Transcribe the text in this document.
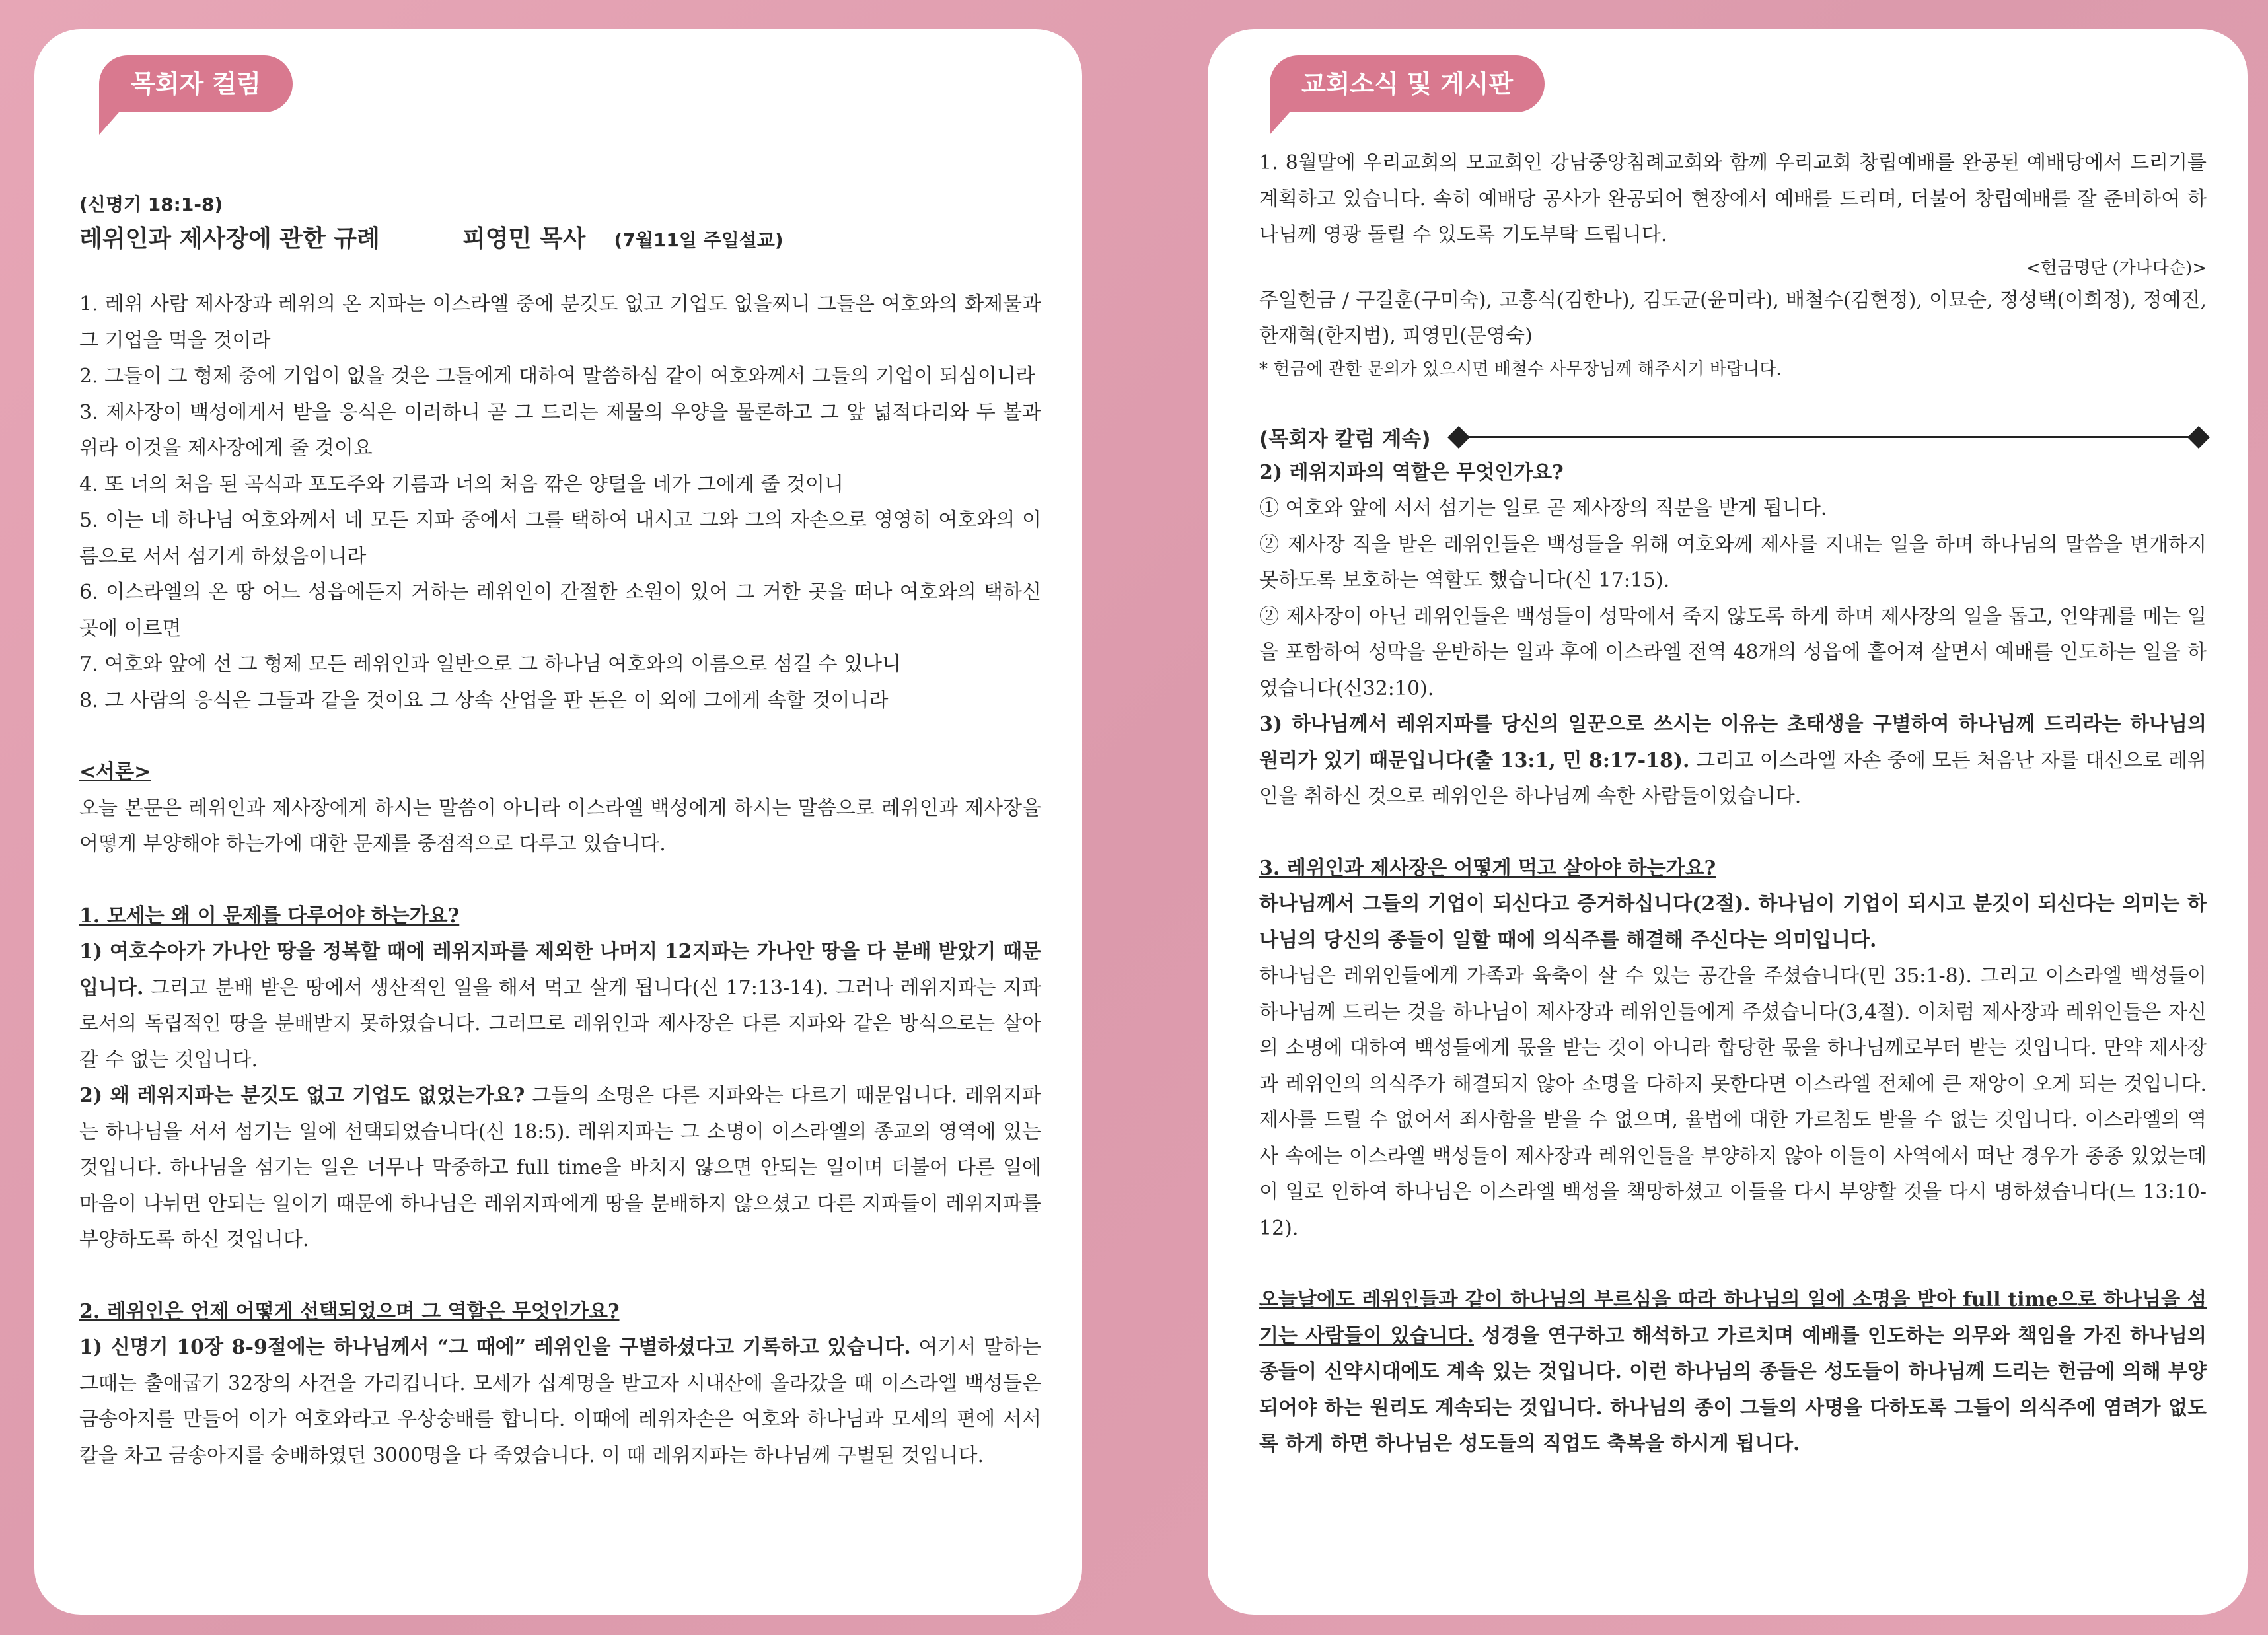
(신명기 18:1-8)

레위인과 제사장에 관한 규례	피영민 목사 (7월11일 주일설교)

1. 레위 사람 제사장과 레위의 온 지파는 이스라엘 중에 분깃도 없고 기업도 없을찌니 그들은 여호와의 화제물과 그 기업을 먹을 것이라

2. 그들이 그 형제 중에 기업이 없을 것은 그들에게 대하여 말씀하심 같이 여호와께서 그들의 기업이 되심이니라

3. 제사장이 백성에게서 받을 응식은 이러하니 곧 그 드리는 제물의 우양을 물론하고 그 앞 넓적다리와 두 볼과 위라 이것을 제사장에게 줄 것이요

4. 또 너의 처음 된 곡식과 포도주와 기름과 너의 처음 깎은 양털을 네가 그에게 줄 것이니

5. 이는 네 하나님 여호와께서 네 모든 지파 중에서 그를 택하여 내시고 그와 그의 자손으로 영영히 여호와의 이름으로 서서 섬기게 하셨음이니라

6. 이스라엘의 온 땅 어느 성읍에든지 거하는 레위인이 간절한 소원이 있어 그 거한 곳을 떠나 여호와의 택하신 곳에 이르면

7. 여호와 앞에 선 그 형제 모든 레위인과 일반으로 그 하나님 여호와의 이름으로 섬길 수 있나니

8. 그 사람의 응식은 그들과 같을 것이요 그 상속 산업을 판 돈은 이 외에 그에게 속할 것이니라

<서론>

오늘 본문은 레위인과 제사장에게 하시는 말씀이 아니라 이스라엘 백성에게 하시는 말씀으로 레위인과 제사장을 어떻게 부양해야 하는가에 대한 문제를 중점적으로 다루고 있습니다.

1. 모세는 왜 이 문제를 다루어야 하는가요?

1) 여호수아가 가나안 땅을 정복할 때에 레위지파를 제외한 나머지 12지파는 가나안 땅을 다 분배 받았기 때문입니다. 그리고 분배 받은 땅에서 생산적인 일을 해서 먹고 살게 됩니다(신 17:13-14). 그러나 레위지파는 지파로서의 독립적인 땅을 분배받지 못하였습니다. 그러므로 레위인과 제사장은 다른 지파와 같은 방식으로는 살아갈 수 없는 것입니다.

2) 왜 레위지파는 분깃도 없고 기업도 없었는가요? 그들의 소명은 다른 지파와는 다르기 때문입니다. 레위지파는 하나님을 서서 섬기는 일에 선택되었습니다(신 18:5). 레위지파는 그 소명이 이스라엘의 종교의 영역에 있는 것입니다. 하나님을 섬기는 일은 너무나 막중하고 full time을 바치지 않으면 안되는 일이며 더불어 다른 일에 마음이 나뉘면 안되는 일이기 때문에 하나님은 레위지파에게 땅을 분배하지 않으셨고 다른 지파들이 레위지파를 부양하도록 하신 것입니다.

2. 레위인은 언제 어떻게 선택되었으며 그 역할은 무엇인가요?

1) 신명기 10장 8-9절에는 하나님께서 “그 때에” 레위인을 구별하셨다고 기록하고 있습니다. 여기서 말하는 그때는 출애굽기 32장의 사건을 가리킵니다. 모세가 십계명을 받고자 시내산에 올라갔을 때 이스라엘 백성들은 금송아지를 만들어 이가 여호와라고 우상숭배를 합니다. 이때에 레위자손은 여호와 하나님과 모세의 편에 서서 칼을 차고 금송아지를 숭배하였던 3000명을 다 죽였습니다. 이 때 레위지파는 하나님께 구별된 것입니다.

목회자 컬럼

1. 8월말에 우리교회의 모교회인 강남중앙침례교회와 함께 우리교회 창립예배를 완공된 예배당에서 드리기를 계획하고 있습니다. 속히 예배당 공사가 완공되어 현장에서 예배를 드리며, 더불어 창립예배를 잘 준비하여 하나님께 영광 돌릴 수 있도록 기도부탁 드립니다.

<헌금명단 (가나다순)>

주일헌금 / 구길훈(구미숙), 고흥식(김한나), 김도균(윤미라), 배철수(김현정), 이묘순, 정성택(이희정), 정예진, 한재혁(한지범), 피영민(문영숙)

* 헌금에 관한 문의가 있으시면 배철수 사무장님께 해주시기 바랍니다.

(목회자 칼럼 계속)

2) 레위지파의 역할은 무엇인가요?

① 여호와 앞에 서서 섬기는 일로 곧 제사장의 직분을 받게 됩니다.

② 제사장 직을 받은 레위인들은 백성들을 위해 여호와께 제사를 지내는 일을 하며 하나님의 말씀을 변개하지 못하도록 보호하는 역할도 했습니다(신 17:15).

② 제사장이 아닌 레위인들은 백성들이 성막에서 죽지 않도록 하게 하며 제사장의 일을 돕고, 언약궤를 메는 일을 포함하여 성막을 운반하는 일과 후에 이스라엘 전역 48개의 성읍에 흩어져 살면서 예배를 인도하는 일을 하였습니다(신32:10).

3) 하나님께서 레위지파를 당신의 일꾼으로 쓰시는 이유는 초태생을 구별하여 하나님께 드리라는 하나님의 원리가 있기 때문입니다(출 13:1, 민 8:17-18). 그리고 이스라엘 자손 중에 모든 처음난 자를 대신으로 레위인을 취하신 것으로 레위인은 하나님께 속한 사람들이었습니다.

3. 레위인과 제사장은 어떻게 먹고 살아야 하는가요?

하나님께서 그들의 기업이 되신다고 증거하십니다(2절). 하나님이 기업이 되시고 분깃이 되신다는 의미는 하나님의 당신의 종들이 일할 때에 의식주를 해결해 주신다는 의미입니다.

하나님은 레위인들에게 가족과 육축이 살 수 있는 공간을 주셨습니다(민 35:1-8). 그리고 이스라엘 백성들이 하나님께 드리는 것을 하나님이 제사장과 레위인들에게 주셨습니다(3,4절). 이처럼 제사장과 레위인들은 자신의 소명에 대하여 백성들에게 몫을 받는 것이 아니라 합당한 몫을 하나님께로부터 받는 것입니다. 만약 제사장과 레위인의 의식주가 해결되지 않아 소명을 다하지 못한다면 이스라엘 전체에 큰 재앙이 오게 되는 것입니다. 제사를 드릴 수 없어서 죄사함을 받을 수 없으며, 율법에 대한 가르침도 받을 수 없는 것입니다. 이스라엘의 역사 속에는 이스라엘 백성들이 제사장과 레위인들을 부양하지 않아 이들이 사역에서 떠난 경우가 종종 있었는데 이 일로 인하여 하나님은 이스라엘 백성을 책망하셨고 이들을 다시 부양할 것을 다시 명하셨습니다(느 13:10-12).

오늘날에도 레위인들과 같이 하나님의 부르심을 따라 하나님의 일에 소명을 받아 full time으로 하나님을 섬기는 사람들이 있습니다. 성경을 연구하고 해석하고 가르치며 예배를 인도하는 의무와 책임을 가진 하나님의 종들이 신약시대에도 계속 있는 것입니다. 이런 하나님의 종들은 성도들이 하나님께 드리는 헌금에 의해 부양되어야 하는 원리도 계속되는 것입니다. 하나님의 종이 그들의 사명을 다하도록 그들이 의식주에 염려가 없도록 하게 하면 하나님은 성도들의 직업도 축복을 하시게 됩니다.

교회소식 및 게시판
